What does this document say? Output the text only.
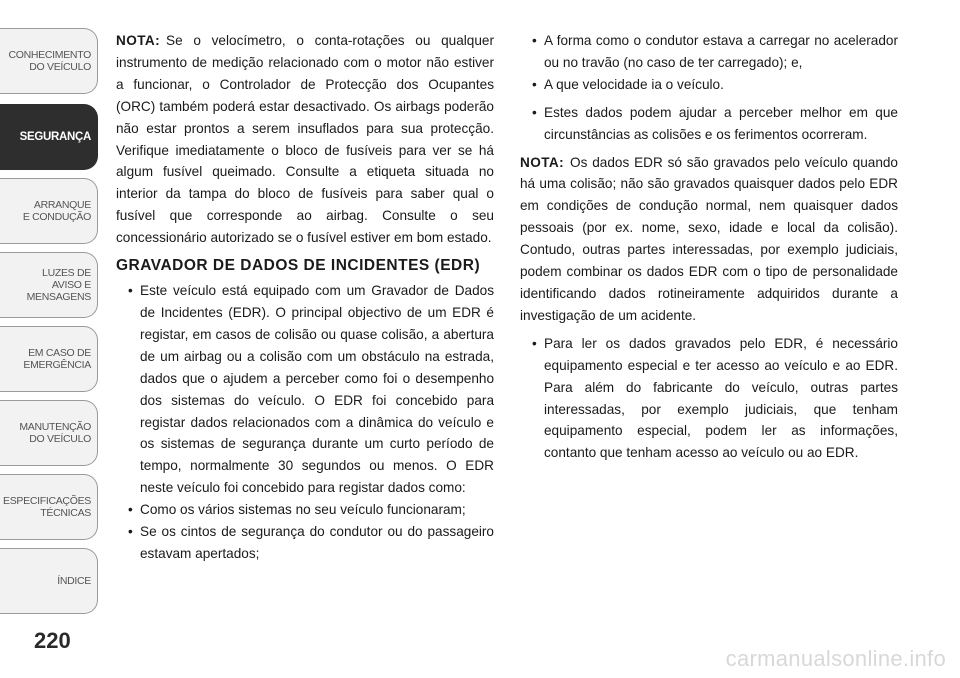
CONHECIMENTO
DO VEÍCULO
SEGURANÇA
ARRANQUE
E CONDUÇÃO
LUZES DE
AVISO E
MENSAGENS
EM CASO DE
EMERGÊNCIA
MANUTENÇÃO
DO VEÍCULO
ESPECIFICAÇÕES
TÉCNICAS
ÍNDICE
220

NOTA: Se o velocímetro, o conta-rotações ou qualquer instrumento de medição relacionado com o motor não estiver a funcionar, o Controlador de Protecção dos Ocupantes (ORC) também poderá estar desactivado. Os airbags poderão não estar prontos a serem insuflados para sua protecção. Verifique imediatamente o bloco de fusíveis para ver se há algum fusível queimado. Consulte a etiqueta situada no interior da tampa do bloco de fusíveis para saber qual o fusível que corresponde ao airbag. Consulte o seu concessionário autorizado se o fusível estiver em bom estado.

GRAVADOR DE DADOS DE INCIDENTES (EDR)
• Este veículo está equipado com um Gravador de Dados de Incidentes (EDR). O principal objectivo de um EDR é registar, em casos de colisão ou quase colisão, a abertura de um airbag ou a colisão com um obstáculo na estrada, dados que o ajudem a perceber como foi o desempenho dos sistemas do veículo. O EDR foi concebido para registar dados relacionados com a dinâmica do veículo e os sistemas de segurança durante um curto período de tempo, normalmente 30 segundos ou menos. O EDR neste veículo foi concebido para registar dados como:
• Como os vários sistemas no seu veículo funcionaram;
• Se os cintos de segurança do condutor ou do passageiro estavam apertados;
• A forma como o condutor estava a carregar no acelerador ou no travão (no caso de ter carregado); e,
• A que velocidade ia o veículo.
• Estes dados podem ajudar a perceber melhor em que circunstâncias as colisões e os ferimentos ocorreram.

NOTA: Os dados EDR só são gravados pelo veículo quando há uma colisão; não são gravados quaisquer dados pelo EDR em condições de condução normal, nem quaisquer dados pessoais (por ex. nome, sexo, idade e local da colisão). Contudo, outras partes interessadas, por exemplo judiciais, podem combinar os dados EDR com o tipo de personalidade identificando dados rotineiramente adquiridos durante a investigação de um acidente.

• Para ler os dados gravados pelo EDR, é necessário equipamento especial e ter acesso ao veículo e ao EDR. Para além do fabricante do veículo, outras partes interessadas, por exemplo judiciais, que tenham equipamento especial, podem ler as informações, contanto que tenham acesso ao veículo ou ao EDR.
carmanualsonline.info
